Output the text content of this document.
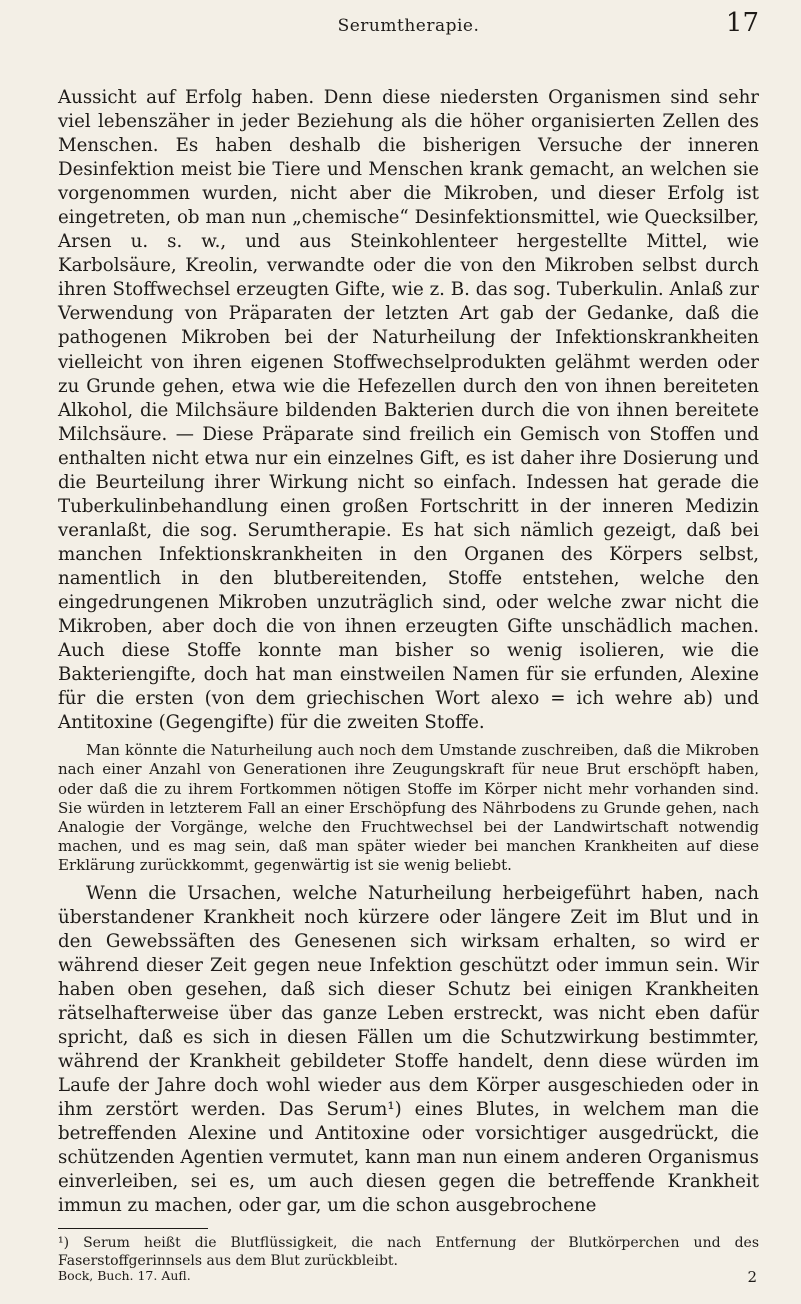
Serumtherapie.	17

Aussicht auf Erfolg haben. Denn diese niedersten Organismen sind sehr viel lebenszäher in jeder Beziehung als die höher organisierten Zellen des Menschen. Es haben deshalb die bisherigen Versuche der inneren Desinfektion meist bie Tiere und Menschen krank gemacht, an welchen sie vorgenommen wurden, nicht aber die Mikroben, und dieser Erfolg ist eingetreten, ob man nun „chemische“ Desinfektionsmittel, wie Quecksilber, Arsen u. s. w., und aus Steinkohlenteer hergestellte Mittel, wie Karbolsäure, Kreolin, verwandte oder die von den Mikroben selbst durch ihren Stoffwechsel erzeugten Gifte, wie z. B. das sog. Tuberkulin. Anlaß zur Verwendung von Präparaten der letzten Art gab der Gedanke, daß die pathogenen Mikroben bei der Naturheilung der Infektionskrankheiten vielleicht von ihren eigenen Stoffwechselprodukten gelähmt werden oder zu Grunde gehen, etwa wie die Hefezellen durch den von ihnen bereiteten Alkohol, die Milchsäure bildenden Bakterien durch die von ihnen bereitete Milchsäure. — Diese Präparate sind freilich ein Gemisch von Stoffen und enthalten nicht etwa nur ein einzelnes Gift, es ist daher ihre Dosierung und die Beurteilung ihrer Wirkung nicht so einfach. Indessen hat gerade die Tuberkulinbehandlung einen großen Fortschritt in der inneren Medizin veranlaßt, die sog. Serumtherapie. Es hat sich nämlich gezeigt, daß bei manchen Infektionskrankheiten in den Organen des Körpers selbst, namentlich in den blutbereitenden, Stoffe entstehen, welche den eingedrungenen Mikroben unzuträglich sind, oder welche zwar nicht die Mikroben, aber doch die von ihnen erzeugten Gifte unschädlich machen. Auch diese Stoffe konnte man bisher so wenig isolieren, wie die Bakteriengifte, doch hat man einstweilen Namen für sie erfunden, Alexine für die ersten (von dem griechischen Wort alexo = ich wehre ab) und Antitoxine (Gegengifte) für die zweiten Stoffe.

Man könnte die Naturheilung auch noch dem Umstande zuschreiben, daß die Mikroben nach einer Anzahl von Generationen ihre Zeugungskraft für neue Brut erschöpft haben, oder daß die zu ihrem Fortkommen nötigen Stoffe im Körper nicht mehr vorhanden sind. Sie würden in letzterem Fall an einer Erschöpfung des Nährbodens zu Grunde gehen, nach Analogie der Vorgänge, welche den Fruchtwechsel bei der Landwirtschaft notwendig machen, und es mag sein, daß man später wieder bei manchen Krankheiten auf diese Erklärung zurückkommt, gegenwärtig ist sie wenig beliebt.

Wenn die Ursachen, welche Naturheilung herbeigeführt haben, nach überstandener Krankheit noch kürzere oder längere Zeit im Blut und in den Gewebssäften des Genesenen sich wirksam erhalten, so wird er während dieser Zeit gegen neue Infektion geschützt oder immun sein. Wir haben oben gesehen, daß sich dieser Schutz bei einigen Krankheiten rätselhafterweise über das ganze Leben erstreckt, was nicht eben dafür spricht, daß es sich in diesen Fällen um die Schutzwirkung bestimmter, während der Krankheit gebildeter Stoffe handelt, denn diese würden im Laufe der Jahre doch wohl wieder aus dem Körper ausgeschieden oder in ihm zerstört werden. Das Serum¹) eines Blutes, in welchem man die betreffenden Alexine und Antitoxine oder vorsichtiger ausgedrückt, die schützenden Agentien vermutet, kann man nun einem anderen Organismus einverleiben, sei es, um auch diesen gegen die betreffende Krankheit immun zu machen, oder gar, um die schon ausgebrochene

¹) Serum heißt die Blutflüssigkeit, die nach Entfernung der Blutkörperchen und des Faserstoffgerinnsels aus dem Blut zurückbleibt.

Bock, Buch. 17. Aufl.	2
